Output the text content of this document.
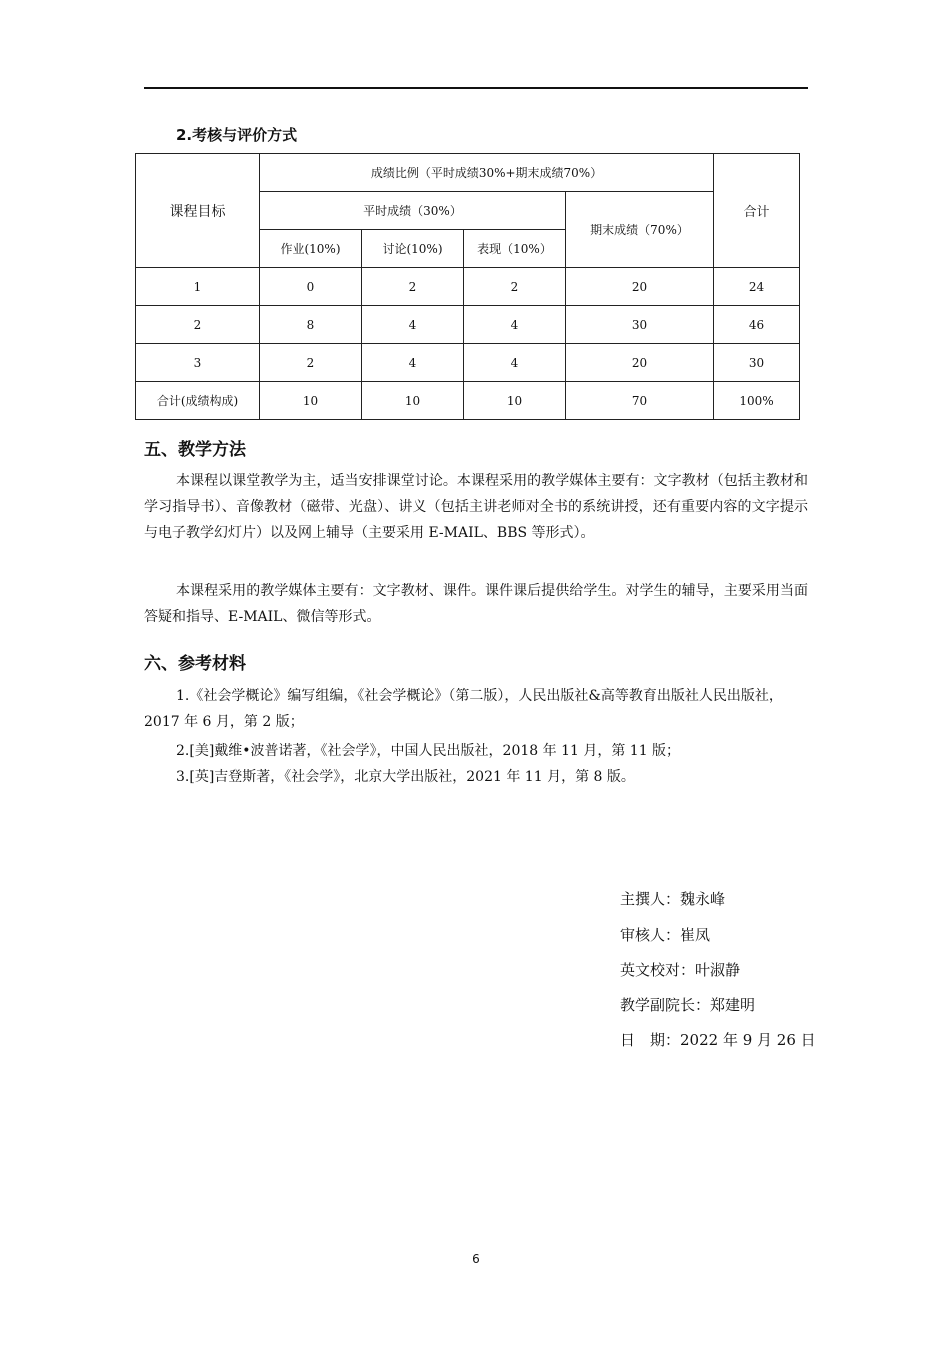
2.考核与评价方式
课程目标	成绩比例（平时成绩30%+期末成绩70%）				合计
	平时成绩（30%）			期末成绩（70%）	
	作业(10%)	讨论(10%)	表现（10%）		
1	0	2	2	20	24
2	8	4	4	30	46
3	2	4	4	20	30
合计(成绩构成)	10	10	10	70	100%
五、教学方法

本课程以课堂教学为主，适当安排课堂讨论。本课程采用的教学媒体主要有：文字教材（包括主教材和学习指导书）、音像教材（磁带、光盘）、讲义（包括主讲老师对全书的系统讲授，还有重要内容的文字提示与电子教学幻灯片）以及网上辅导（主要采用 E-MAIL、BBS 等形式）。

本课程采用的教学媒体主要有：文字教材、课件。课件课后提供给学生。对学生的辅导，主要采用当面答疑和指导、E-MAIL、微信等形式。

六、参考材料

1.《社会学概论》编写组编，《社会学概论》（第二版），人民出版社&高等教育出版社人民出版社，2017 年 6 月，第 2 版；

2.[美]戴维•波普诺著，《社会学》，中国人民出版社，2018 年 11 月，第 11 版；

3.[英]吉登斯著，《社会学》，北京大学出版社，2021 年 11 月，第 8 版。

主撰人：魏永峰
审核人：崔凤
英文校对：叶淑静
教学副院长：郑建明
日　期：2022 年 9 月 26 日
6
